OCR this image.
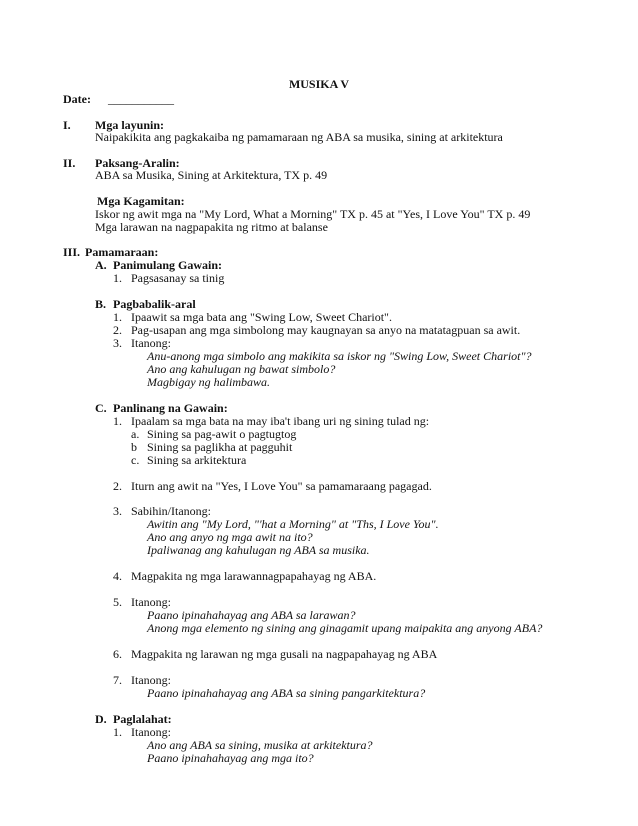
MUSIKA V
Date: ___________
I. Mga layunin:
Naipakikita ang pagkakaiba ng pamamaraan ng ABA sa musika, sining at arkitektura
II. Paksang-Aralin:
ABA sa Musika, Sining at Arkitektura, TX p. 49
Mga Kagamitan:
Iskor ng awit mga na "My Lord, What a Morning" TX p. 45 at "Yes, I Love You" TX p. 49
Mga larawan na nagpapakita ng ritmo at balanse
III. Pamamaraan:
A. Panimulang Gawain:
1. Pagsasanay sa tinig
B. Pagbabalik-aral
1. Ipaawit sa mga bata ang "Swing Low, Sweet Chariot".
2. Pag-usapan ang mga simbolong may kaugnayan sa anyo na matatagpuan sa awit.
3. Itanong:
Anu-anong mga simbolo ang makikita sa iskor ng "Swing Low, Sweet Chariot"?
Ano ang kahulugan ng bawat simbolo?
Magbigay ng halimbawa.
C. Panlinang na Gawain:
1. Ipaalam sa mga bata na may iba't ibang uri ng sining tulad ng:
a. Sining sa pag-awit o pagtugtog
b Sining sa paglikha at pagguhit
c. Sining sa arkitektura
2. Iturn ang awit na "Yes, I Love You" sa pamamaraang pagagad.
3. Sabihin/Itanong:
Awitin ang "My Lord, "'hat a Morning" at "Ths, I Love You".
Ano ang anyo ng mga awit na ito?
Ipaliwanag ang kahulugan ng ABA sa musika.
4. Magpakita ng mga larawannagpapahayag ng ABA.
5. Itanong:
Paano ipinahahayag ang ABA sa larawan?
Anong mga elemento ng sining ang ginagamit upang maipakita ang anyong ABA?
6. Magpakita ng larawan ng mga gusali na nagpapahayag ng ABA
7. Itanong:
Paano ipinahahayag ang ABA sa sining pangarkitektura?
D. Paglalahat:
1. Itanong:
Ano ang ABA sa sining, musika at arkitektura?
Paano ipinahahayag ang mga ito?
